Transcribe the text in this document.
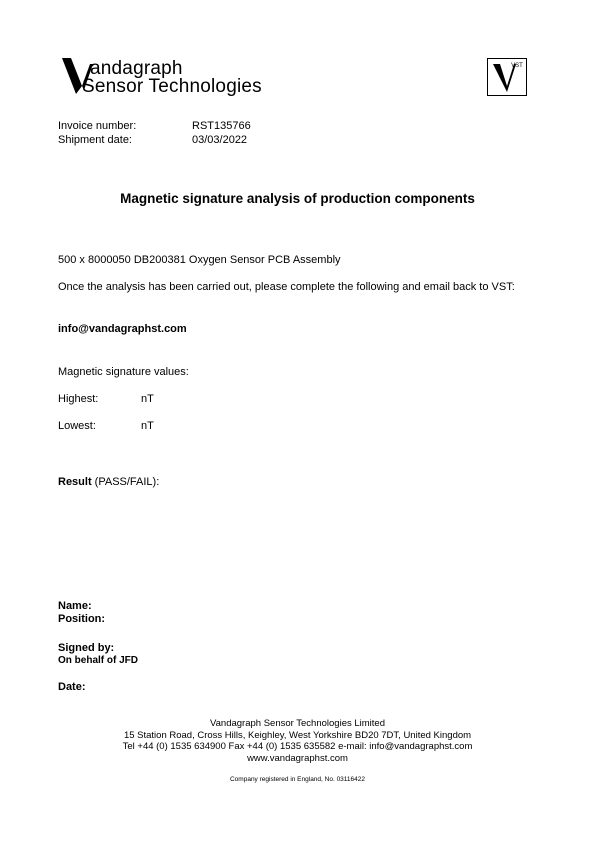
andagraph
Sensor Technologies
VST
Invoice number:	RST135766
Shipment date:	03/03/2022
Magnetic signature analysis of production components
500 x 8000050 DB200381 Oxygen Sensor PCB Assembly
Once the analysis has been carried out, please complete the following and email back to VST:
info@vandagraphst.com
Magnetic signature values:
Highest:	nT
Lowest:	nT
Result (PASS/FAIL):
Name:
Position:
Signed by:
On behalf of JFD
Date:
Vandagraph Sensor Technologies Limited
15 Station Road, Cross Hills, Keighley, West Yorkshire BD20 7DT, United Kingdom
Tel +44 (0) 1535 634900 Fax +44 (0) 1535 635582 e-mail: info@vandagraphst.com
www.vandagraphst.com
Company registered in England, No. 03116422
